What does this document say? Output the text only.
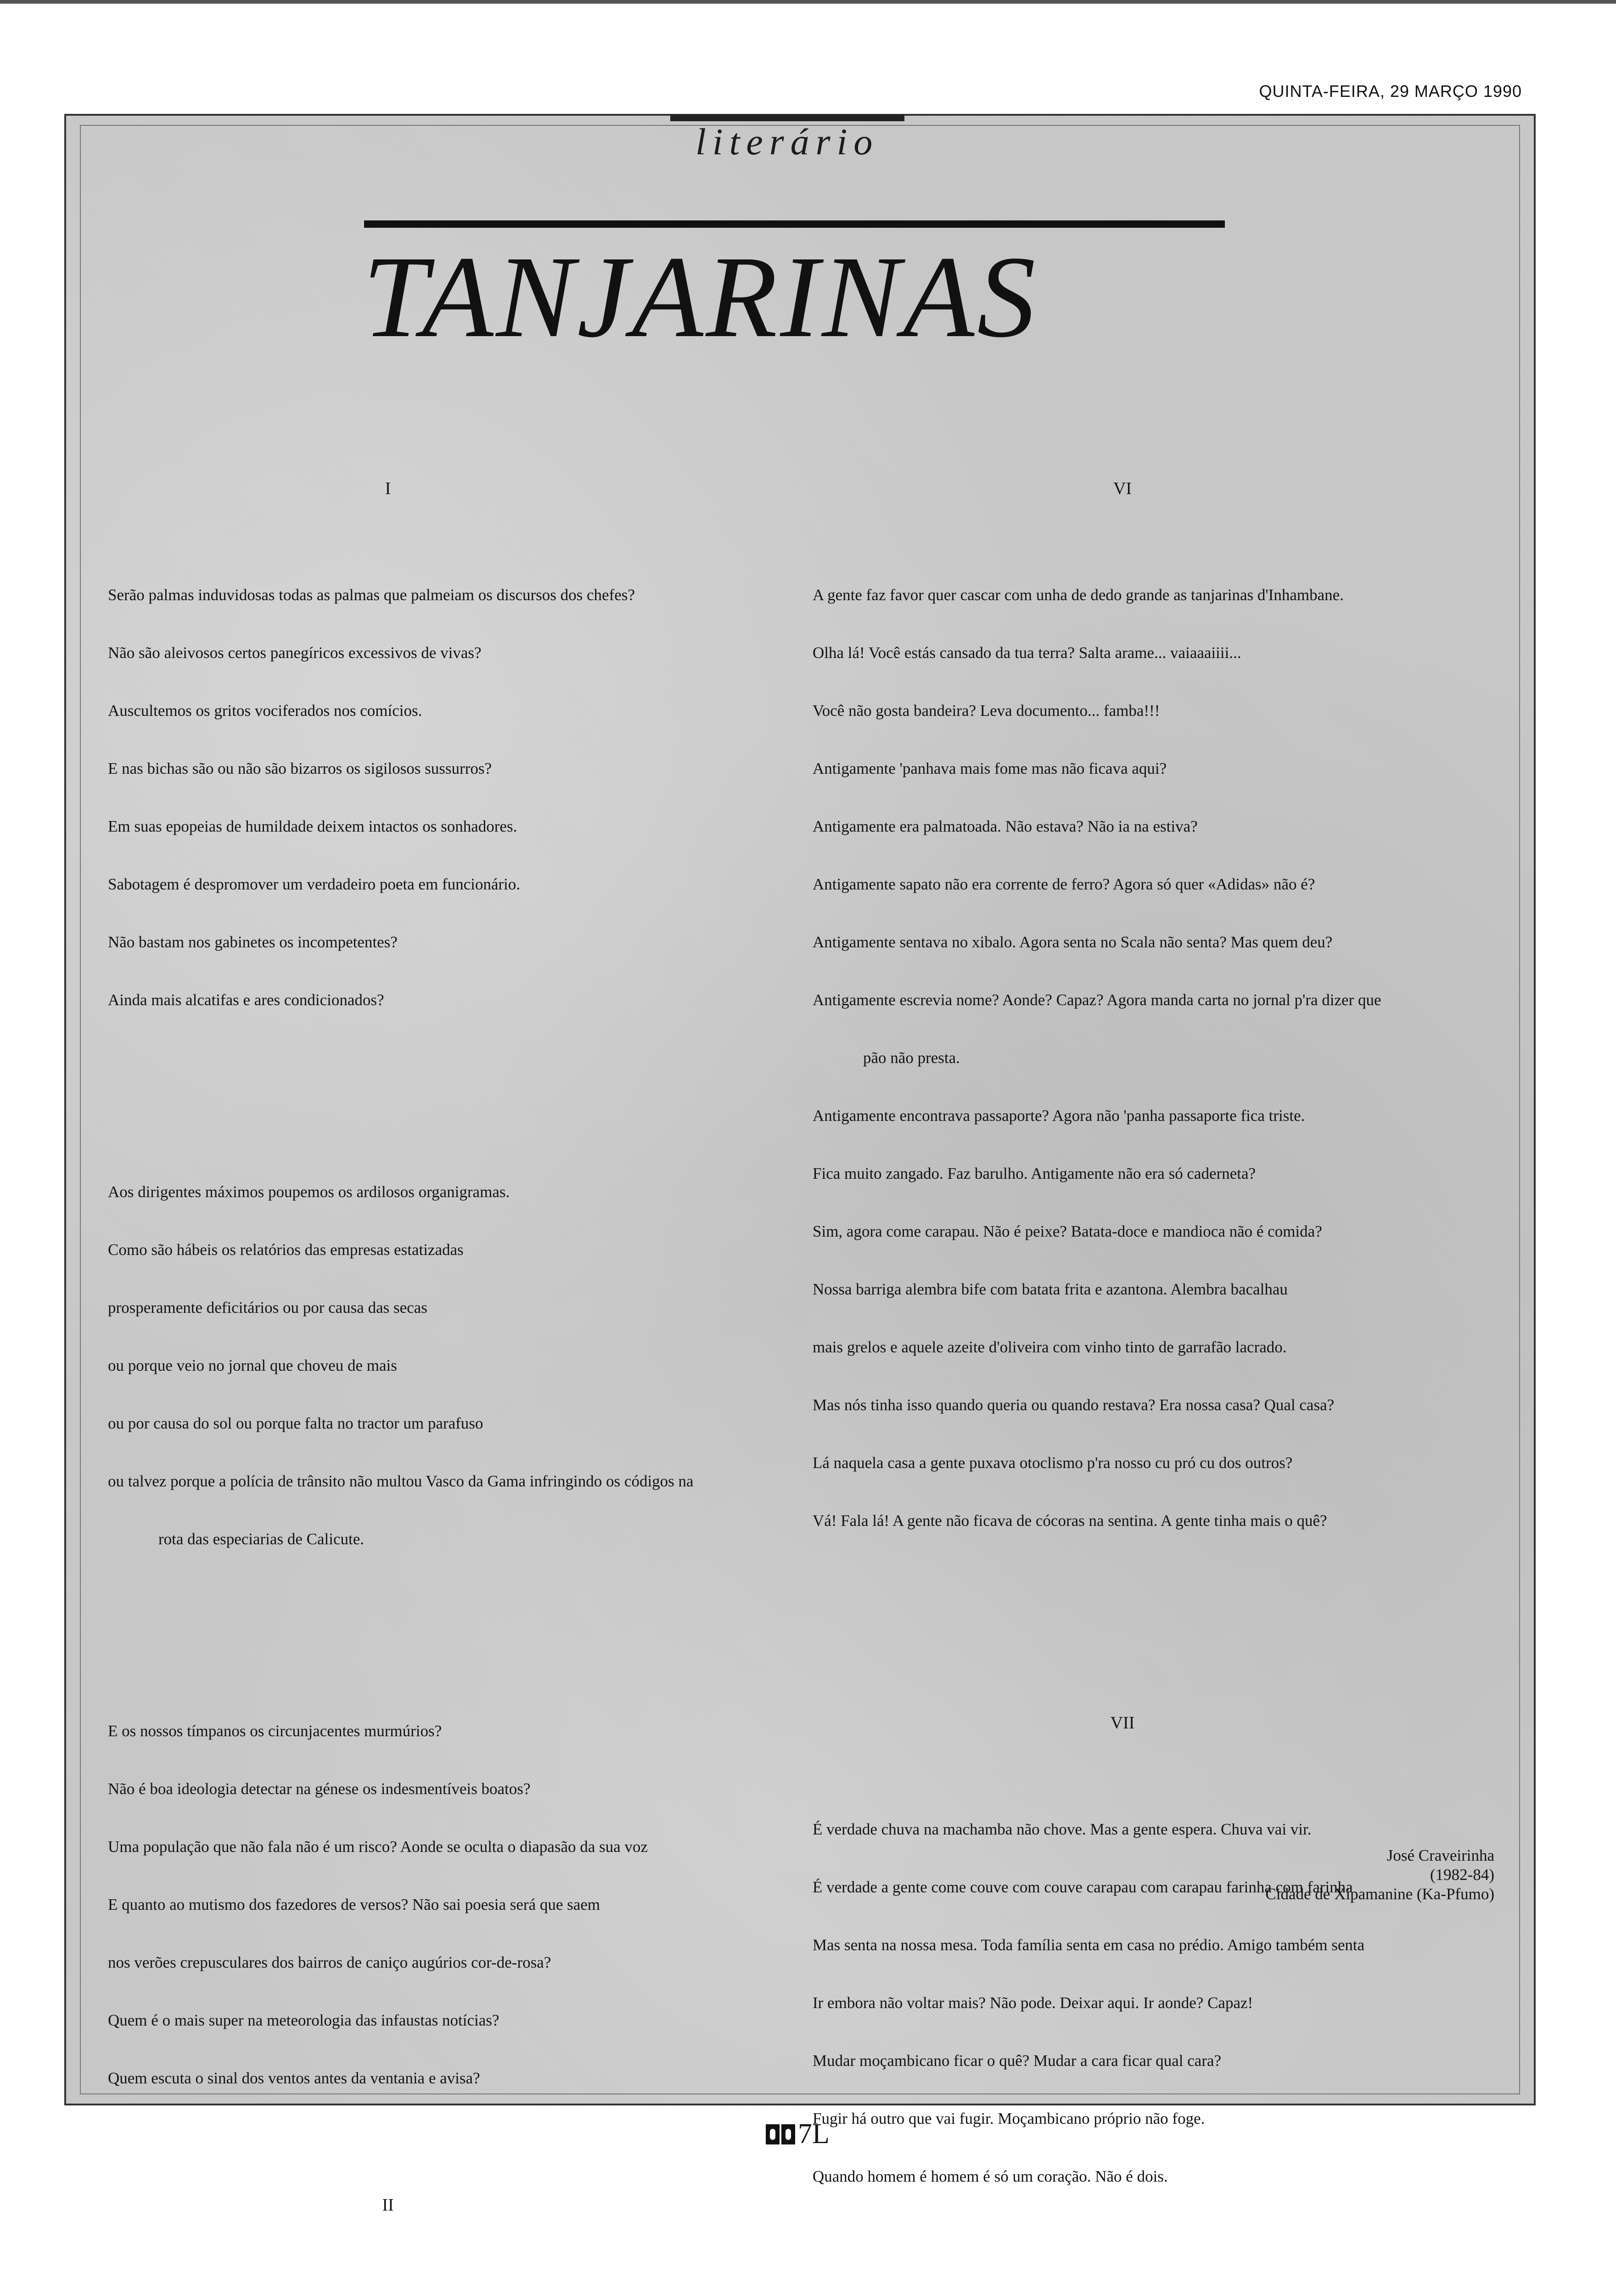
QUINTA-FEIRA, 29 MARÇO 1990
literário
TANJARINAS

I

Serão palmas induvidosas todas as palmas que palmeiam os discursos dos chefes?

Não são aleivosos certos panegíricos excessivos de vivas?

Auscultemos os gritos vociferados nos comícios.

E nas bichas são ou não são bizarros os sigilosos sussurros?

Em suas epopeias de humildade deixem intactos os sonhadores.

Sabotagem é despromover um verdadeiro poeta em funcionário.

Não bastam nos gabinetes os incompetentes?

Ainda mais alcatifas e ares condicionados?

Aos dirigentes máximos poupemos os ardilosos organigramas.

Como são hábeis os relatórios das empresas estatizadas

prosperamente deficitários ou por causa das secas

ou porque veio no jornal que choveu de mais

ou por causa do sol ou porque falta no tractor um parafuso

ou talvez porque a polícia de trânsito não multou Vasco da Gama infringindo os códigos na

rota das especiarias de Calicute.

E os nossos tímpanos os circunjacentes murmúrios?

Não é boa ideologia detectar na génese os indesmentíveis boatos?

Uma população que não fala não é um risco? Aonde se oculta o diapasão da sua voz

E quanto ao mutismo dos fazedores de versos? Não sai poesia será que saem

nos verões crepusculares dos bairros de caniço augúrios cor-de-rosa?

Quem é o mais super na meteorologia das infaustas notícias?

Quem escuta o sinal dos ventos antes da ventania e avisa?

II

VI

A gente faz favor quer cascar com unha de dedo grande as tanjarinas d'Inhambane.

Olha lá! Você estás cansado da tua terra? Salta arame... vaiaaaiiii...

Você não gosta bandeira? Leva documento... famba!!!

Antigamente 'panhava mais fome mas não ficava aqui?

Antigamente era palmatoada. Não estava? Não ia na estiva?

Antigamente sapato não era corrente de ferro? Agora só quer «Adidas» não é?

Antigamente sentava no xibalo. Agora senta no Scala não senta? Mas quem deu?

Antigamente escrevia nome? Aonde? Capaz? Agora manda carta no jornal p'ra dizer que

pão não presta.

Antigamente encontrava passaporte? Agora não 'panha passaporte fica triste.

Fica muito zangado. Faz barulho. Antigamente não era só caderneta?

Sim, agora come carapau. Não é peixe? Batata-doce e mandioca não é comida?

Nossa barriga alembra bife com batata frita e azantona. Alembra bacalhau

mais grelos e aquele azeite d'oliveira com vinho tinto de garrafão lacrado.

Mas nós tinha isso quando queria ou quando restava? Era nossa casa? Qual casa?

Lá naquela casa a gente puxava otoclismo p'ra nosso cu pró cu dos outros?

Vá! Fala lá! A gente não ficava de cócoras na sentina. A gente tinha mais o quê?

VII

É verdade chuva na machamba não chove. Mas a gente espera. Chuva vai vir.

É verdade a gente come couve com couve carapau com carapau farinha com farinha

Mas senta na nossa mesa. Toda família senta em casa no prédio. Amigo também senta

Ir embora não voltar mais? Não pode. Deixar aqui. Ir aonde? Capaz!

Mudar moçambicano ficar o quê? Mudar a cara ficar qual cara?

Fugir há outro que vai fugir. Moçambicano próprio não foge.

Quando homem é homem é só um coração. Não é dois.

José Craveirinha
(1982-84)
Cidade de Xipamanine (Ka-Pfumo)
7L
